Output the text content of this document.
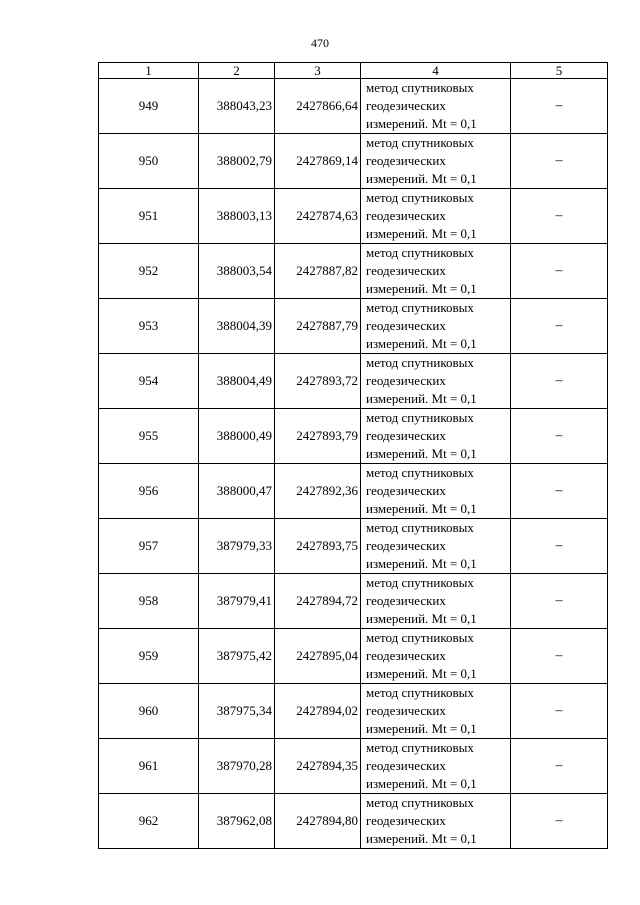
470
1	2	3	4	5
949	388043,23	2427866,64	метод спутниковых
геодезических
измерений. Mt = 0,1	–
950	388002,79	2427869,14	метод спутниковых
геодезических
измерений. Mt = 0,1	–
951	388003,13	2427874,63	метод спутниковых
геодезических
измерений. Mt = 0,1	–
952	388003,54	2427887,82	метод спутниковых
геодезических
измерений. Mt = 0,1	–
953	388004,39	2427887,79	метод спутниковых
геодезических
измерений. Mt = 0,1	–
954	388004,49	2427893,72	метод спутниковых
геодезических
измерений. Mt = 0,1	–
955	388000,49	2427893,79	метод спутниковых
геодезических
измерений. Mt = 0,1	–
956	388000,47	2427892,36	метод спутниковых
геодезических
измерений. Mt = 0,1	–
957	387979,33	2427893,75	метод спутниковых
геодезических
измерений. Mt = 0,1	–
958	387979,41	2427894,72	метод спутниковых
геодезических
измерений. Mt = 0,1	–
959	387975,42	2427895,04	метод спутниковых
геодезических
измерений. Mt = 0,1	–
960	387975,34	2427894,02	метод спутниковых
геодезических
измерений. Mt = 0,1	–
961	387970,28	2427894,35	метод спутниковых
геодезических
измерений. Mt = 0,1	–
962	387962,08	2427894,80	метод спутниковых
геодезических
измерений. Mt = 0,1	–
